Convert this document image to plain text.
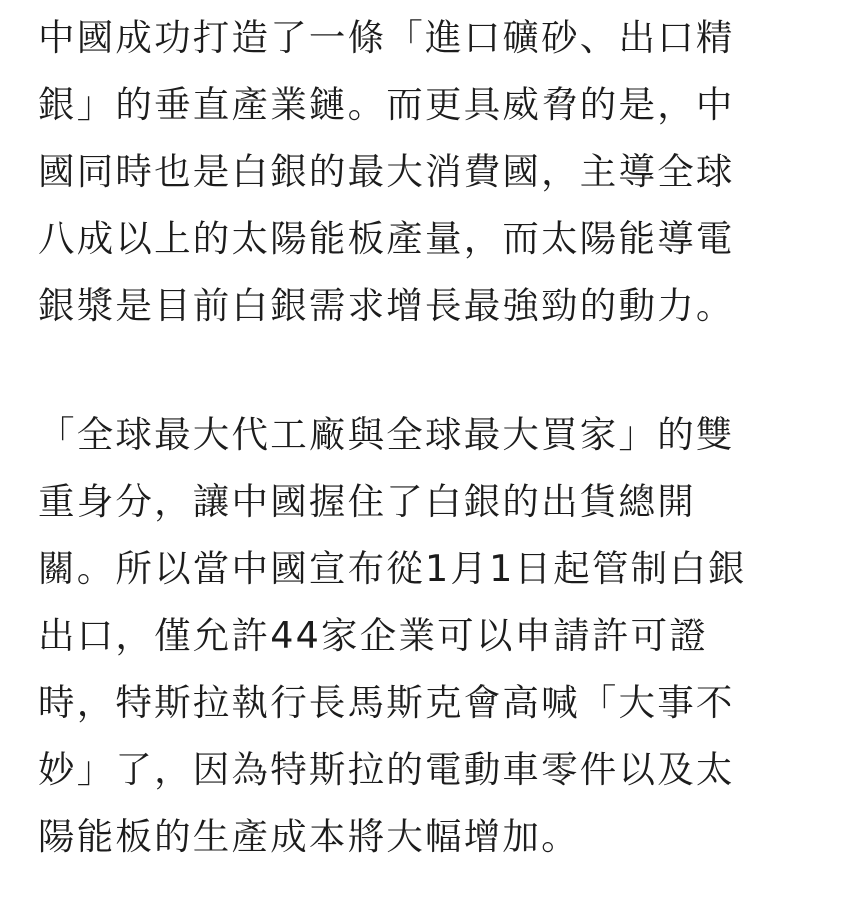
中國成功打造了一條「進口礦砂、出口精
銀」的垂直產業鏈。而更具威脅的是，中
國同時也是白銀的最大消費國，主導全球
八成以上的太陽能板產量，而太陽能導電
銀漿是目前白銀需求增長最強勁的動力。

「全球最大代工廠與全球最大買家」的雙
重身分，讓中國握住了白銀的出貨總開
關。所以當中國宣布從1月1日起管制白銀
出口，僅允許44家企業可以申請許可證
時，特斯拉執行長馬斯克會高喊「大事不
妙」了，因為特斯拉的電動車零件以及太
陽能板的生產成本將大幅增加。
